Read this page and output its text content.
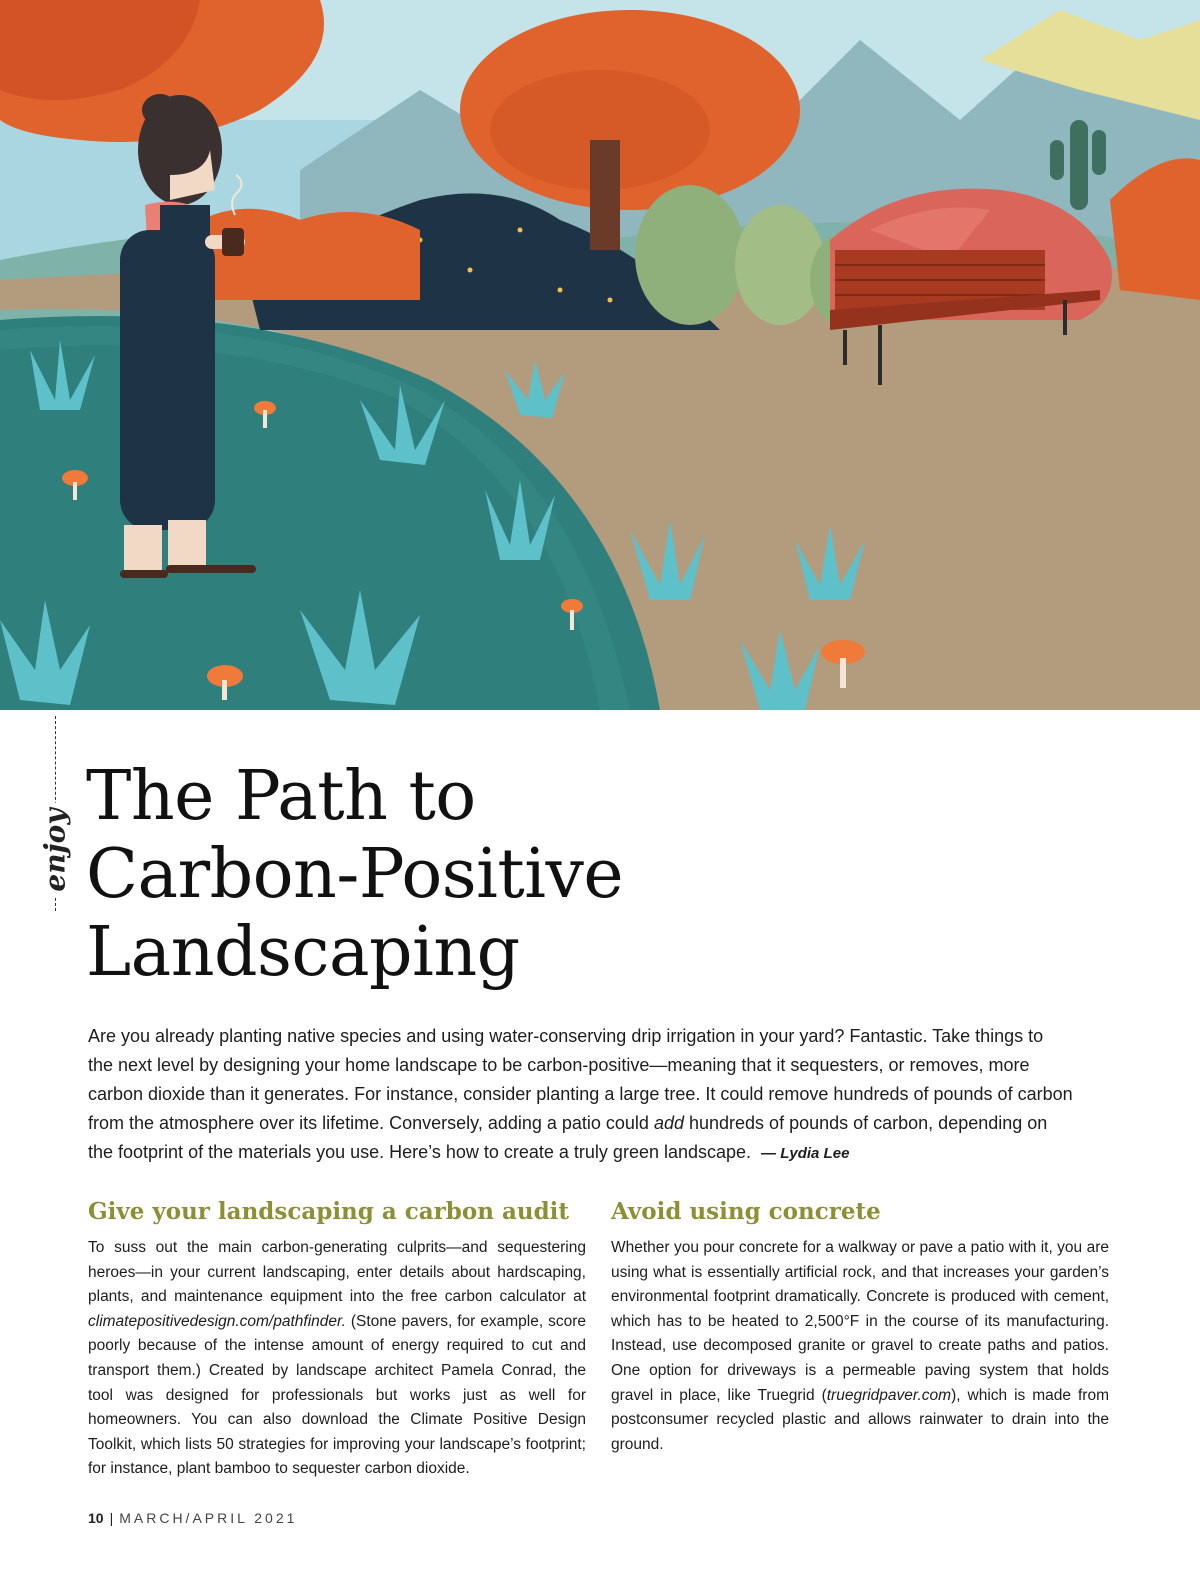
enjoy
The Path to
Carbon-Positive
Landscaping

Are you already planting native species and using water-conserving drip irrigation in your yard? Fantastic. Take things to the next level by designing your home landscape to be carbon-positive—meaning that it sequesters, or removes, more carbon dioxide than it generates. For instance, consider planting a large tree. It could remove hundreds of pounds of carbon from the atmosphere over its lifetime. Conversely, adding a patio could add hundreds of pounds of carbon, depending on the footprint of the materials you use. Here’s how to create a truly green landscape. — Lydia Lee

Give your landscaping a carbon audit

To suss out the main carbon-generating culprits—and sequestering heroes—in your current landscaping, enter details about hardscaping, plants, and maintenance equipment into the free carbon calculator at climatepositivedesign.com/pathfinder. (Stone pavers, for example, score poorly because of the intense amount of energy required to cut and transport them.) Created by landscape architect Pamela Conrad, the tool was designed for professionals but works just as well for homeowners. You can also download the Climate Positive Design Toolkit, which lists 50 strategies for improving your landscape’s footprint; for instance, plant bamboo to sequester carbon dioxide.

Avoid using concrete

Whether you pour concrete for a walkway or pave a patio with it, you are using what is essentially artificial rock, and that increases your garden’s environmental footprint dramatically. Concrete is produced with cement, which has to be heated to 2,500°F in the course of its manufacturing. Instead, use decomposed granite or gravel to create paths and patios. One option for driveways is a permeable paving system that holds gravel in place, like Truegrid (truegridpaver.com), which is made from postconsumer recycled plastic and allows rainwater to drain into the ground.

10 | MARCH/APRIL 2021
